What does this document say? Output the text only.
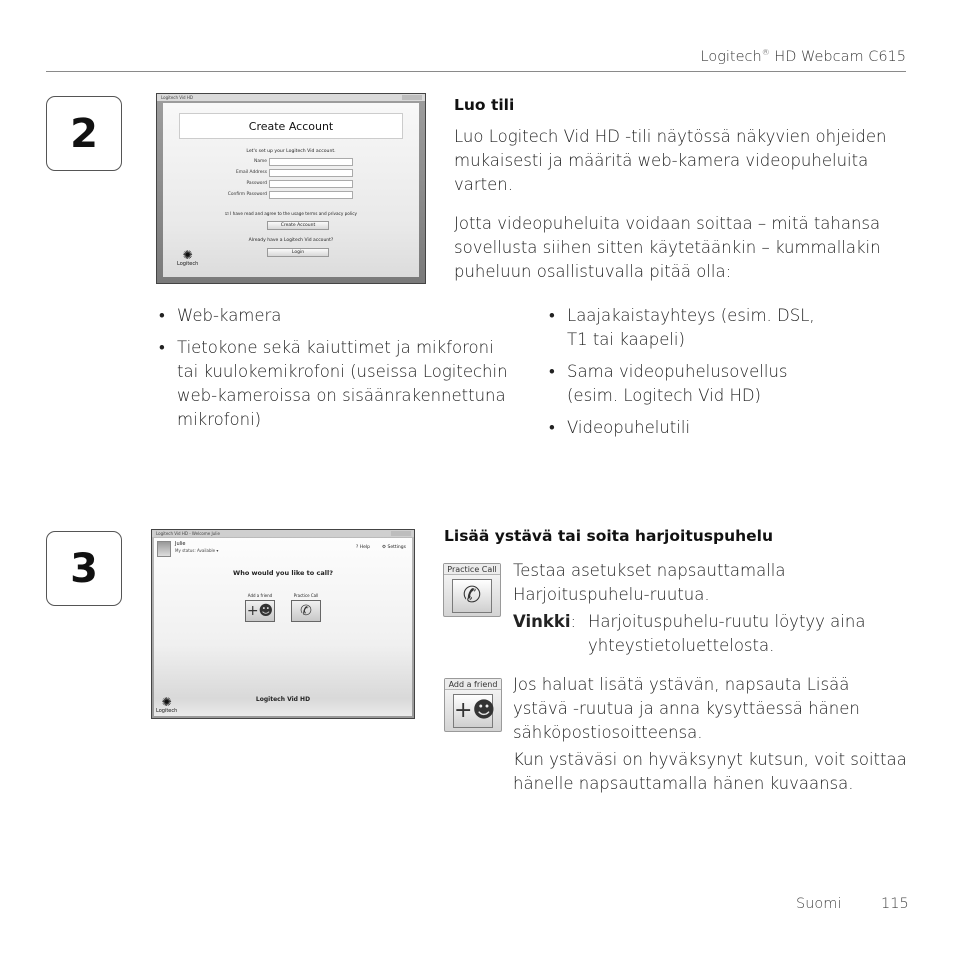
Logitech® HD Webcam C615
2
Logitech Vid HD
Create Account
Let's set up your Logitech Vid account.
Name
Email Address
Password
Confirm Password
☑ I have read and agree to the usage terms and privacy policy
Create Account
Already have a Logitech Vid account?
Login
✺
Logitech
Luo tili
Luo Logitech Vid HD -tili näytössä näkyvien ohjeiden mukaisesti ja määritä web-kamera videopuheluita varten.
Jotta videopuheluita voidaan soittaa – mitä tahansa sovellusta siihen sitten käytetäänkin – kummallakin puheluun osallistuvalla pitää olla:
• Web-kamera
• Tietokone sekä kaiuttimet ja mikforoni tai kuulokemikrofoni (useissa Logitechin web-kameroissa on sisäänrakennettuna mikrofoni)
• Laajakaistayhteys (esim. DSL, T1 tai kaapeli)
• Sama videopuhelusovellus (esim. Logitech Vid HD)
• Videopuhelutili
3
Logitech Vid HD - Welcome Julie
Julie
My status: Available ▾
? Help	⚙ Settings
Who would you like to call?
Add a friend
+☻
Practice Call
✆
Logitech Vid HD
✺
Logitech
Lisää ystävä tai soita harjoituspuhelu
Practice Call
✆
Testaa asetukset napsauttamalla Harjoituspuhelu-ruutua.
Vinkki: Harjoituspuhelu-ruutu löytyy aina yhteystietoluettelosta.
Add a friend
+☻
Jos haluat lisätä ystävän, napsauta Lisää ystävä -ruutua ja anna kysyttäessä hänen sähköpostiosoitteensa.
Kun ystäväsi on hyväksynyt kutsun, voit soittaa hänelle napsauttamalla hänen kuvaansa.
Suomi	115
